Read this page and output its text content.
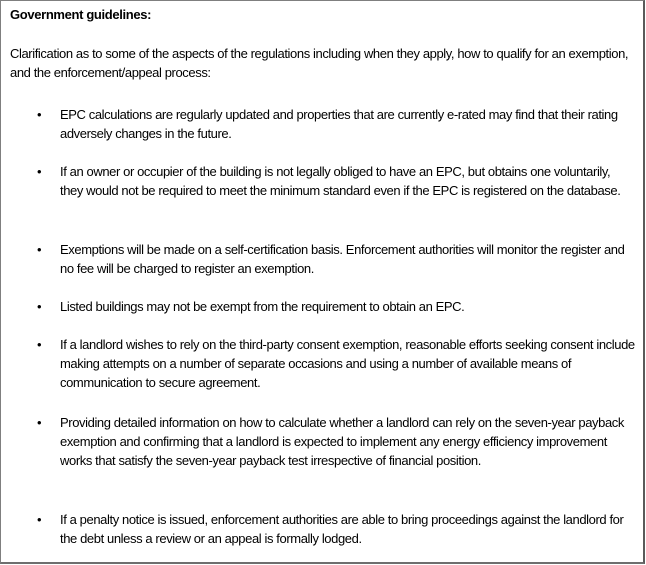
Government guidelines:
Clarification as to some of the aspects of the regulations including when they apply, how to qualify for an exemption, and the enforcement/appeal process:
• EPC calculations are regularly updated and properties that are currently e-rated may find that their rating adversely changes in the future.
• If an owner or occupier of the building is not legally obliged to have an EPC, but obtains one voluntarily, they would not be required to meet the minimum standard even if the EPC is registered on the database.
• Exemptions will be made on a self-certification basis. Enforcement authorities will monitor the register and no fee will be charged to register an exemption.
• Listed buildings may not be exempt from the requirement to obtain an EPC.
• If a landlord wishes to rely on the third-party consent exemption, reasonable efforts seeking consent include making attempts on a number of separate occasions and using a number of available means of communication to secure agreement.
• Providing detailed information on how to calculate whether a landlord can rely on the seven-year payback exemption and confirming that a landlord is expected to implement any energy efficiency improvement works that satisfy the seven-year payback test irrespective of financial position.
• If a penalty notice is issued, enforcement authorities are able to bring proceedings against the landlord for the debt unless a review or an appeal is formally lodged.
